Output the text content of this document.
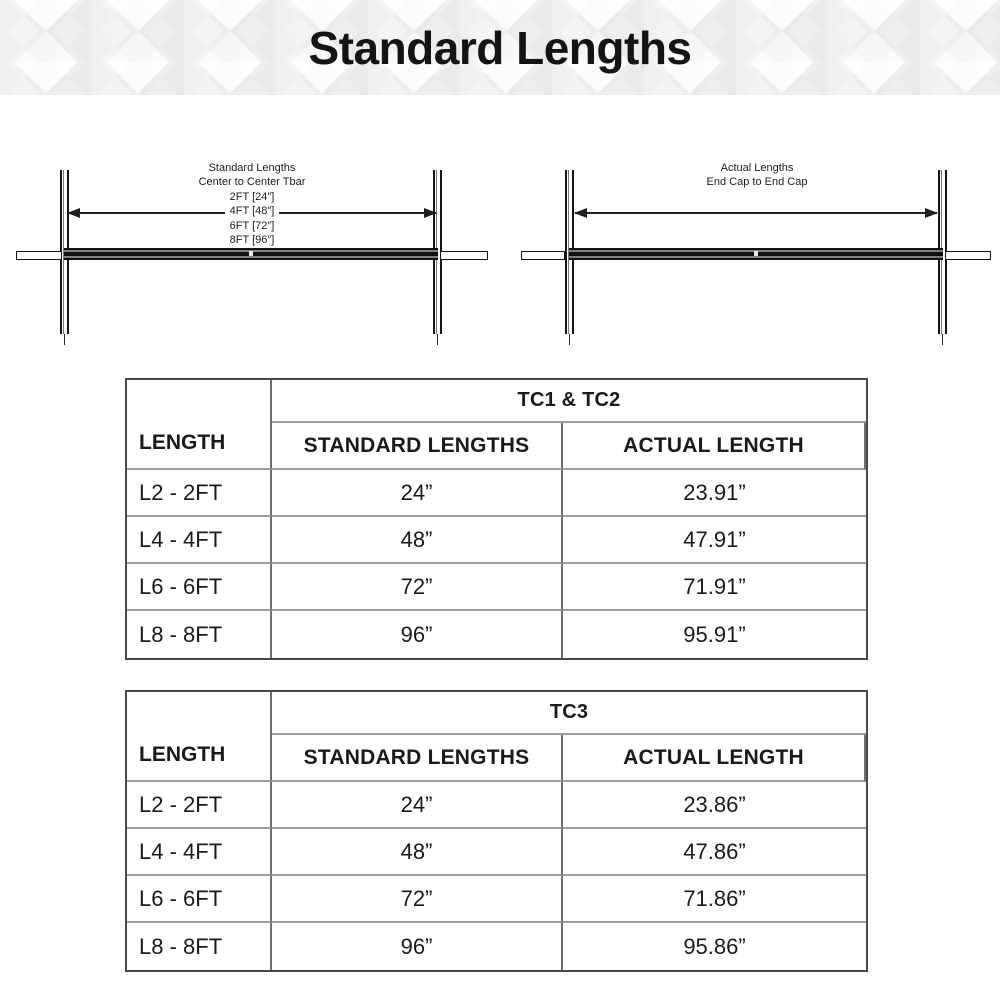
Standard Lengths
Standard Lengths
Center to Center Tbar
2FT [24″]
4FT [48″]
6FT [72″]
8FT [96″]
Actual Lengths
End Cap to End Cap
LENGTH	TC1 & TC2	
	STANDARD LENGTHS	ACTUAL LENGTH
L2 - 2FT	24”	23.91”
L4 - 4FT	48”	47.91”
L6 - 6FT	72”	71.91”
L8 - 8FT	96”	95.91”
LENGTH	TC3	
	STANDARD LENGTHS	ACTUAL LENGTH
L2 - 2FT	24”	23.86”
L4 - 4FT	48”	47.86”
L6 - 6FT	72”	71.86”
L8 - 8FT	96”	95.86”
